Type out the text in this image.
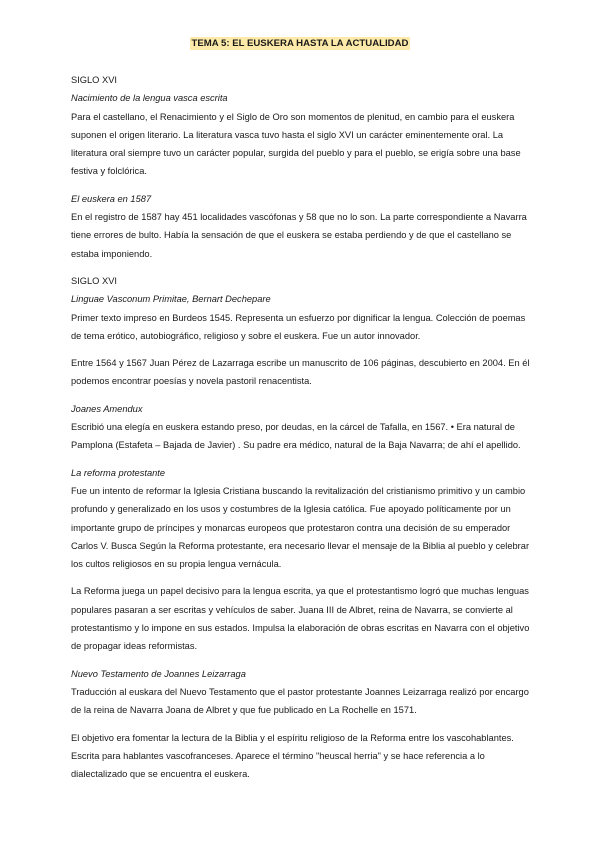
TEMA 5: EL EUSKERA HASTA LA ACTUALIDAD

SIGLO XVI

Nacimiento de la lengua vasca escrita

Para el castellano, el Renacimiento y el Siglo de Oro son momentos de plenitud, en cambio para el euskera suponen el origen literario. La literatura vasca tuvo hasta el siglo XVI un carácter eminentemente oral. La literatura oral siempre tuvo un carácter popular, surgida del pueblo y para el pueblo, se erigía sobre una base festiva y folclórica.

El euskera en 1587

En el registro de 1587 hay 451 localidades vascófonas y 58 que no lo son. La parte correspondiente a Navarra tiene errores de bulto. Había la sensación de que el euskera se estaba perdiendo y de que el castellano se estaba imponiendo.

SIGLO XVI

Linguae Vasconum Primitae, Bernart Dechepare

Primer texto impreso en Burdeos 1545. Representa un esfuerzo por dignificar la lengua. Colección de poemas de tema erótico, autobiográfico, religioso y sobre el euskera. Fue un autor innovador.

Entre 1564 y 1567 Juan Pérez de Lazarraga escribe un manuscrito de 106 páginas, descubierto en 2004. En él podemos encontrar poesías y novela pastoril renacentista.

Joanes Amendux

Escribió una elegía en euskera estando preso, por deudas, en la cárcel de Tafalla, en 1567. • Era natural de Pamplona (Estafeta – Bajada de Javier) . Su padre era médico, natural de la Baja Navarra; de ahí el apellido.

La reforma protestante

Fue un intento de reformar la Iglesia Cristiana buscando la revitalización del cristianismo primitivo y un cambio profundo y generalizado en los usos y costumbres de la Iglesia católica. Fue apoyado políticamente por un importante grupo de príncipes y monarcas europeos que protestaron contra una decisión de su emperador Carlos V. Busca Según la Reforma protestante, era necesario llevar el mensaje de la Biblia al pueblo y celebrar los cultos religiosos en su propia lengua vernácula.

La Reforma juega un papel decisivo para la lengua escrita, ya que el protestantismo logró que muchas lenguas populares pasaran a ser escritas y vehículos de saber. Juana III de Albret, reina de Navarra, se convierte al protestantismo y lo impone en sus estados. Impulsa la elaboración de obras escritas en Navarra con el objetivo de propagar ideas reformistas.

Nuevo Testamento de Joannes Leizarraga

Traducción al euskara del Nuevo Testamento que el pastor protestante Joannes Leizarraga realizó por encargo de la reina de Navarra Joana de Albret y que fue publicado en La Rochelle en 1571.

El objetivo era fomentar la lectura de la Biblia y el espíritu religioso de la Reforma entre los vascohablantes. Escrita para hablantes vascofranceses. Aparece el término "heuscal herria" y se hace referencia a lo dialectalizado que se encuentra el euskera.
